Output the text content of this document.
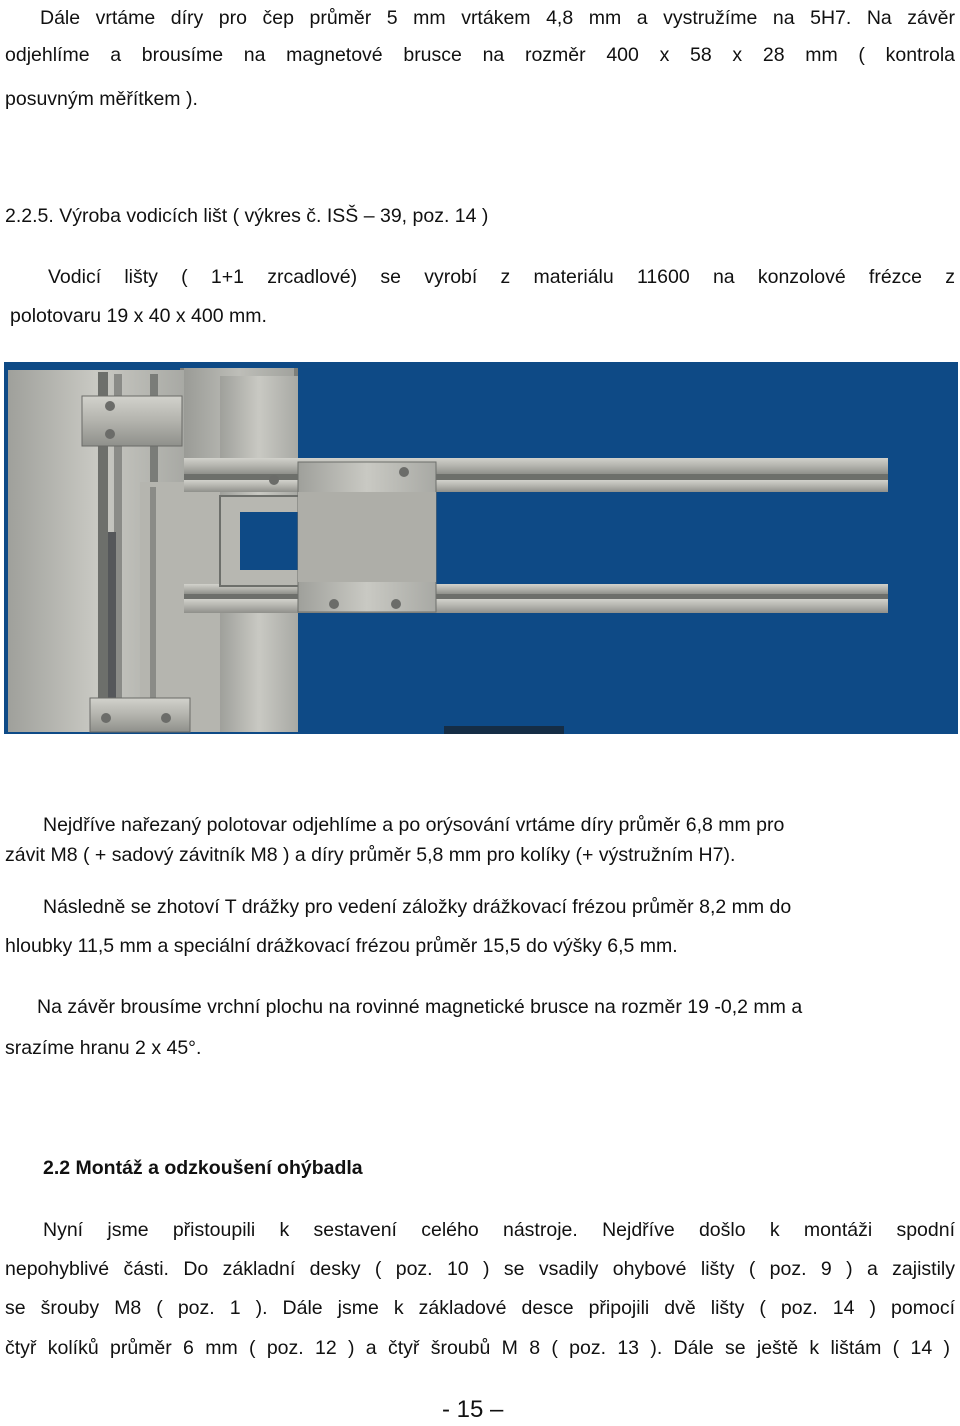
Dále vrtáme díry pro čep průměr 5 mm vrtákem 4,8 mm a vystružíme na 5H7. Na závěr
odjehlíme a brousíme na magnetové brusce na rozměr 400 x 58 x 28 mm ( kontrola
posuvným měřítkem ).
2.2.5. Výroba vodicích lišt ( výkres č. ISŠ – 39, poz. 14 )
Vodicí lišty ( 1+1 zrcadlové) se vyrobí z materiálu 11600 na konzolové frézce z
polotovaru 19 x 40 x 400 mm.
Nejdříve nařezaný polotovar odjehlíme a po orýsování vrtáme díry průměr 6,8 mm pro
závit M8 ( + sadový závitník M8 ) a díry průměr 5,8 mm pro kolíky (+ výstružním H7).
Následně se zhotoví T drážky pro vedení záložky drážkovací frézou průměr 8,2 mm do
hloubky 11,5 mm a speciální drážkovací frézou průměr 15,5 do výšky 6,5 mm.
Na závěr brousíme vrchní plochu na rovinné magnetické brusce na rozměr 19 -0,2 mm a
srazíme hranu 2 x 45°.
2.2 Montáž a odzkoušení ohýbadla
Nyní jsme přistoupili k sestavení celého nástroje. Nejdříve došlo k montáži spodní
nepohyblivé části. Do základní desky ( poz. 10 ) se vsadily ohybové lišty ( poz. 9 ) a zajistily
se šrouby M8 ( poz. 1 ). Dále jsme k základové desce připojili dvě lišty ( poz. 14 ) pomocí
čtyř kolíků průměr 6 mm ( poz. 12 ) a čtyř šroubů M 8 ( poz. 13 ). Dále se ještě k lištám ( 14 )
- 15 –
